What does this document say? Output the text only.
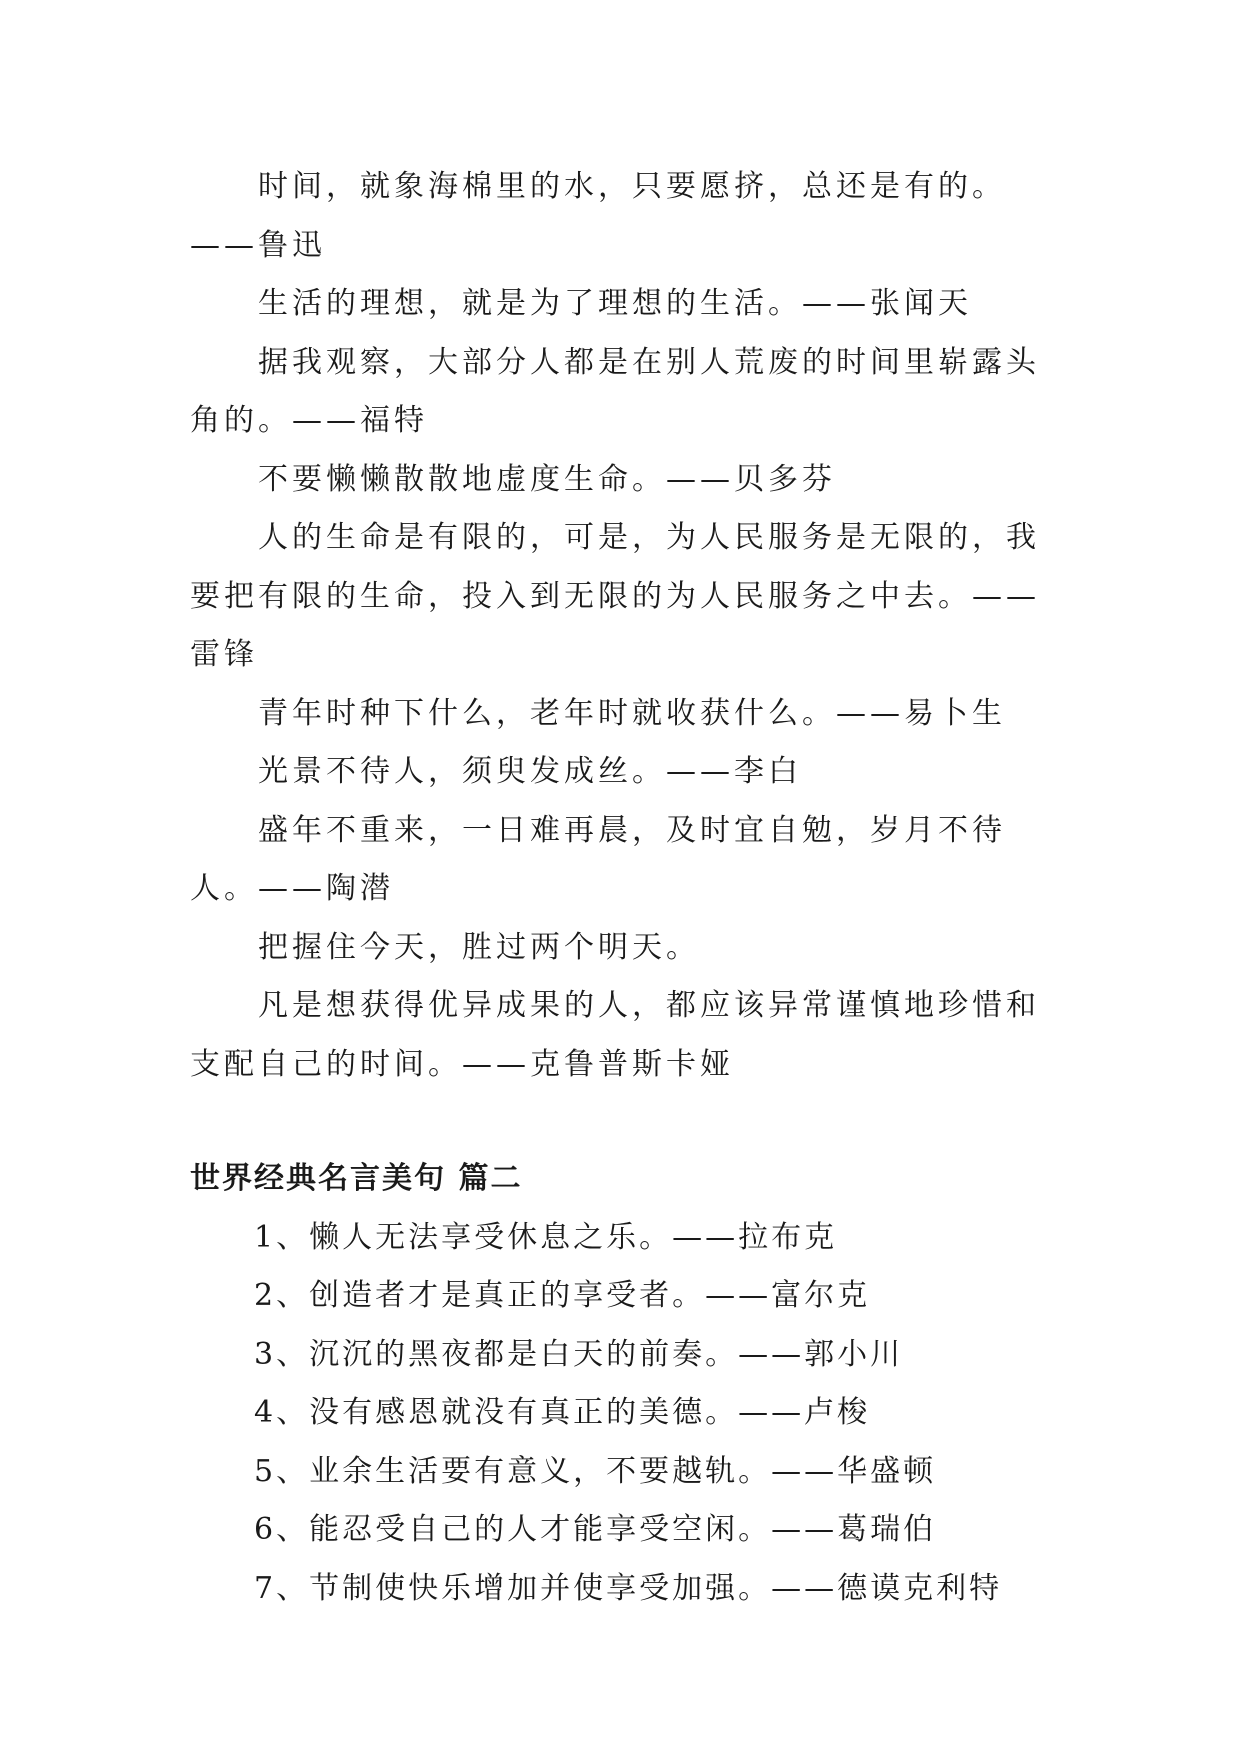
时间，就象海棉里的水，只要愿挤，总还是有的。——鲁迅

生活的理想，就是为了理想的生活。——张闻天

据我观察，大部分人都是在别人荒废的时间里崭露头角的。——福特

不要懒懒散散地虚度生命。——贝多芬

人的生命是有限的，可是，为人民服务是无限的，我要把有限的生命，投入到无限的为人民服务之中去。——雷锋

青年时种下什么，老年时就收获什么。——易卜生

光景不待人，须臾发成丝。——李白

盛年不重来，一日难再晨，及时宜自勉，岁月不待人。——陶潜

把握住今天，胜过两个明天。

凡是想获得优异成果的人，都应该异常谨慎地珍惜和支配自己的时间。——克鲁普斯卡娅

世界经典名言美句 篇二
1、懒人无法享受休息之乐。——拉布克
2、创造者才是真正的享受者。——富尔克
3、沉沉的黑夜都是白天的前奏。——郭小川
4、没有感恩就没有真正的美德。——卢梭
5、业余生活要有意义，不要越轨。——华盛顿
6、能忍受自己的人才能享受空闲。——葛瑞伯
7、节制使快乐增加并使享受加强。——德谟克利特
